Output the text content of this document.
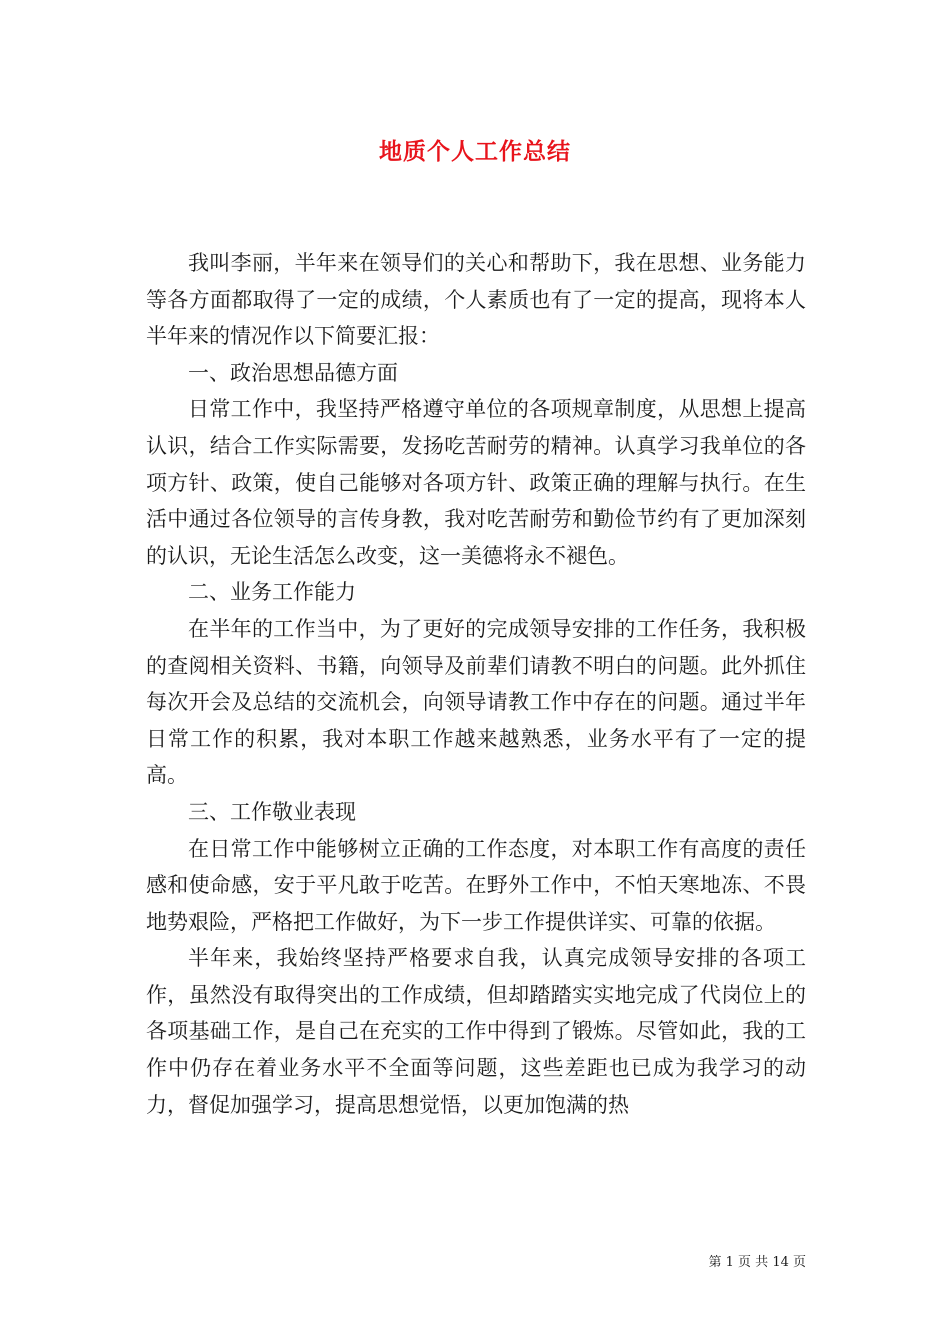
地质个人工作总结

我叫李丽，半年来在领导们的关心和帮助下，我在思想、业务能力等各方面都取得了一定的成绩，个人素质也有了一定的提高，现将本人半年来的情况作以下简要汇报：

一、政治思想品德方面

日常工作中，我坚持严格遵守单位的各项规章制度，从思想上提高认识，结合工作实际需要，发扬吃苦耐劳的精神。认真学习我单位的各项方针、政策，使自己能够对各项方针、政策正确的理解与执行。在生活中通过各位领导的言传身教，我对吃苦耐劳和勤俭节约有了更加深刻的认识，无论生活怎么改变，这一美德将永不褪色。

二、业务工作能力

在半年的工作当中，为了更好的完成领导安排的工作任务，我积极的查阅相关资料、书籍，向领导及前辈们请教不明白的问题。此外抓住每次开会及总结的交流机会，向领导请教工作中存在的问题。通过半年日常工作的积累，我对本职工作越来越熟悉，业务水平有了一定的提高。

三、工作敬业表现

在日常工作中能够树立正确的工作态度，对本职工作有高度的责任感和使命感，安于平凡敢于吃苦。在野外工作中，不怕天寒地冻、不畏地势艰险，严格把工作做好，为下一步工作提供详实、可靠的依据。

半年来，我始终坚持严格要求自我，认真完成领导安排的各项工作，虽然没有取得突出的工作成绩，但却踏踏实实地完成了代岗位上的各项基础工作，是自己在充实的工作中得到了锻炼。尽管如此，我的工作中仍存在着业务水平不全面等问题，这些差距也已成为我学习的动力，督促加强学习，提高思想觉悟，以更加饱满的热

第 1 页 共 14 页
